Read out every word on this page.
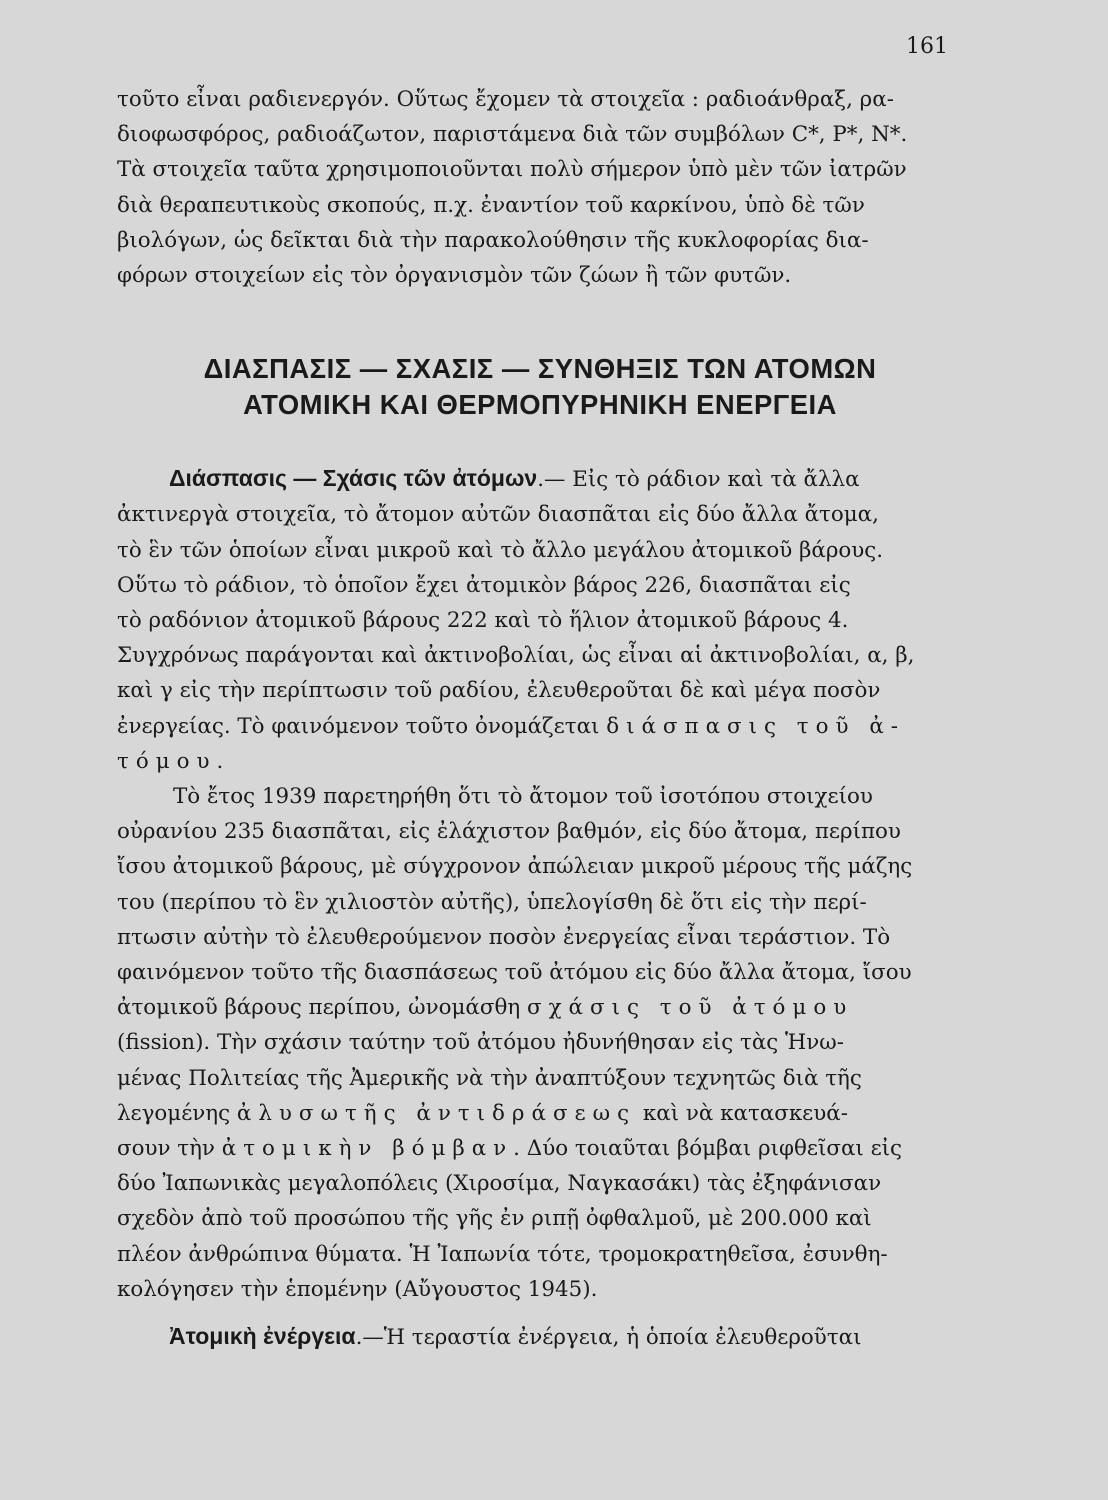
161

τοῦτο εἶναι ραδιενεργόν. Οὕτως ἔχομεν τὰ στοιχεῖα : ραδιοάνθραξ, ρα-
διοφωσφόρος, ραδιοάζωτον, παριστάμενα διὰ τῶν συμβόλων C*, P*, N*.
Τὰ στοιχεῖα ταῦτα χρησιμοποιοῦνται πολὺ σήμερον ὑπὸ μὲν τῶν ἰατρῶν
διὰ θεραπευτικοὺς σκοπούς, π.χ. ἐναντίον τοῦ καρκίνου, ὑπὸ δὲ τῶν
βιολόγων, ὡς δεῖκται διὰ τὴν παρακολούθησιν τῆς κυκλοφορίας δια-
φόρων στοιχείων εἰς τὸν ὀργανισμὸν τῶν ζώων ἢ τῶν φυτῶν.

ΔΙΑΣΠΑΣΙΣ — ΣΧΑΣΙΣ — ΣΥΝΘΗΞΙΣ ΤΩΝ ΑΤΟΜΩΝ
ΑΤΟΜΙΚΗ ΚΑΙ ΘΕΡΜΟΠΥΡΗΝΙΚΗ ΕΝΕΡΓΕΙΑ

Διάσπασις — Σχάσις τῶν ἀτόμων.— Εἰς τὸ ράδιον καὶ τὰ ἄλλα
ἀκτινεργὰ στοιχεῖα, τὸ ἄτομον αὐτῶν διασπᾶται εἰς δύο ἄλλα ἄτομα,
τὸ ἓν τῶν ὁποίων εἶναι μικροῦ καὶ τὸ ἄλλο μεγάλου ἀτομικοῦ βάρους.
Οὕτω τὸ ράδιον, τὸ ὁποῖον ἔχει ἀτομικὸν βάρος 226, διασπᾶται εἰς
τὸ ραδόνιον ἀτομικοῦ βάρους 222 καὶ τὸ ἥλιον ἀτομικοῦ βάρους 4.
Συγχρόνως παράγονται καὶ ἀκτινοβολίαι, ὡς εἶναι αἱ ἀκτινοβολίαι, α, β,
καὶ γ εἰς τὴν περίπτωσιν τοῦ ραδίου, ἐλευθεροῦται δὲ καὶ μέγα ποσὸν
ἐνεργείας. Τὸ φαινόμενον τοῦτο ὀνομάζεται διάσπασις τοῦ ἀ-
τόμου.

Τὸ ἔτος 1939 παρετηρήθη ὅτι τὸ ἄτομον τοῦ ἰσοτόπου στοιχείου
οὐρανίου 235 διασπᾶται, εἰς ἐλάχιστον βαθμόν, εἰς δύο ἄτομα, περίπου
ἴσου ἀτομικοῦ βάρους, μὲ σύγχρονον ἀπώλειαν μικροῦ μέρους τῆς μάζης
του (περίπου τὸ ἓν χιλιοστὸν αὐτῆς), ὑπελογίσθη δὲ ὅτι εἰς τὴν περί-
πτωσιν αὐτὴν τὸ ἐλευθερούμενον ποσὸν ἐνεργείας εἶναι τεράστιον. Τὸ
φαινόμενον τοῦτο τῆς διασπάσεως τοῦ ἀτόμου εἰς δύο ἄλλα ἄτομα, ἴσου
ἀτομικοῦ βάρους περίπου, ὠνομάσθη σχάσις τοῦ ἀτόμου
(fission). Τὴν σχάσιν ταύτην τοῦ ἀτόμου ἠδυνήθησαν εἰς τὰς Ἡνω-
μένας Πολιτείας τῆς Ἀμερικῆς νὰ τὴν ἀναπτύξουν τεχνητῶς διὰ τῆς
λεγομένης ἀλυσωτῆς ἀντιδράσεως καὶ νὰ κατασκευά-
σουν τὴν ἀτομικὴν βόμβαν. Δύο τοιαῦται βόμβαι ριφθεῖσαι εἰς
δύο Ἰαπωνικὰς μεγαλοπόλεις (Χιροσίμα, Ναγκασάκι) τὰς ἐξηφάνισαν
σχεδὸν ἀπὸ τοῦ προσώπου τῆς γῆς ἐν ριπῇ ὀφθαλμοῦ, μὲ 200.000 καὶ
πλέον ἀνθρώπινα θύματα. Ἡ Ἰαπωνία τότε, τρομοκρατηθεῖσα, ἐσυνθη-
κολόγησεν τὴν ἑπομένην (Αὔγουστος 1945).

Ἀτομικὴ ἐνέργεια.—Ἡ τεραστία ἐνέργεια, ἡ ὁποία ἐλευθεροῦται
